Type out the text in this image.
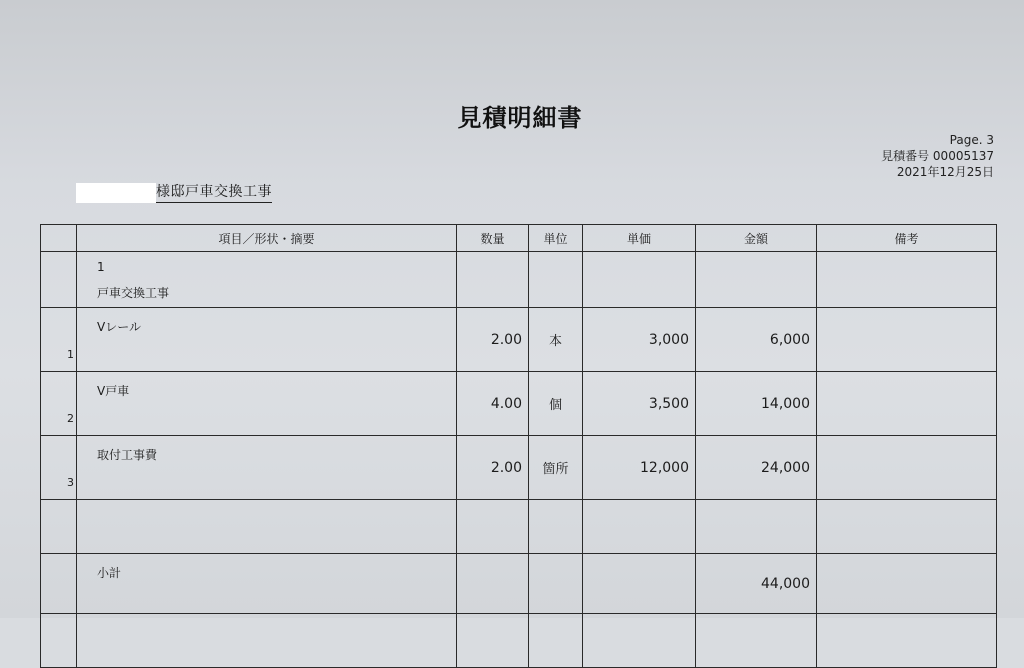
見積明細書
Page. 3
見積番号 00005137
2021年12月25日
様邸戸車交換工事
	項目／形状・摘要	数量	単位	単価	金額	備考

	1
戸車交換工事					

1	Vレール	2.00	本	3,000	6,000	
2	V戸車	4.00	個	3,500	14,000	
3	取付工事費	2.00	箇所	12,000	24,000	

	小計				44,000	
